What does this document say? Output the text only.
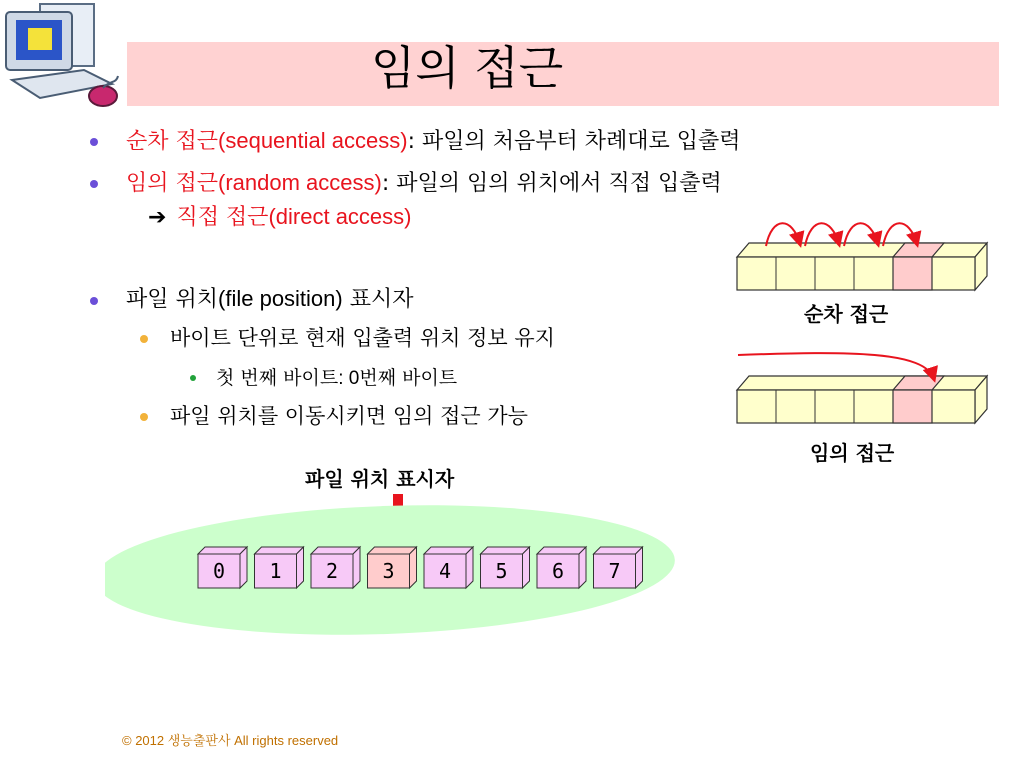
임의 접근
순차 접근(sequential access): 파일의 처음부터 차례대로 입출력
임의 접근(random access): 파일의 임의 위치에서 직접 입출력
➔ 직접 접근(direct access)
파일 위치(file position) 표시자
바이트 단위로 현재 입출력 위치 정보 유지
첫 번째 바이트: 0번째 바이트
파일 위치를 이동시키면 임의 접근 가능
순차 접근
임의 접근
파일 위치 표시자
0 1 2 3 4 5 6 7
© 2012 생능출판사 All rights reserved
